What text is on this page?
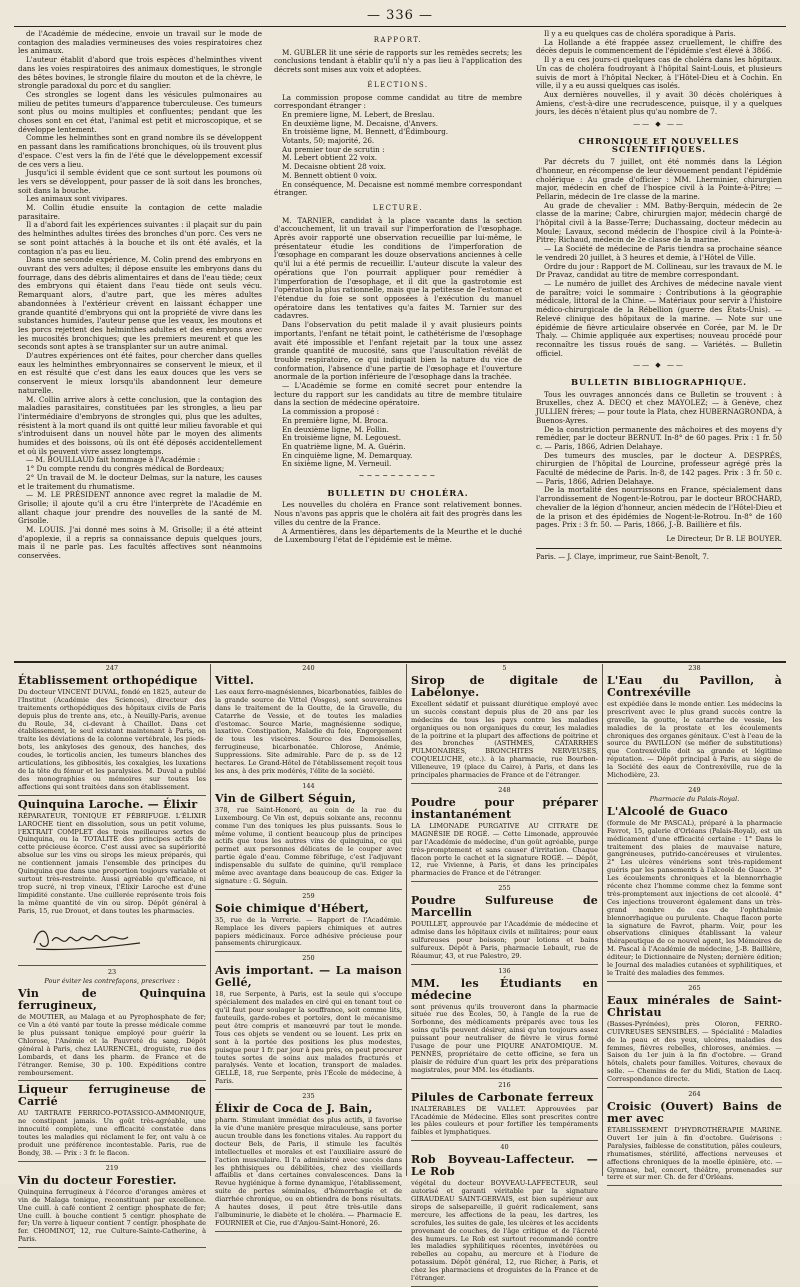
— 336 —

de l'Académie de médecine, envoie un travail sur le mode de contagion des maladies vermineuses des voies respiratoires chez les animaux.

L'auteur établit d'abord que trois espèces d'helminthes vivent dans les voies respiratoires des animaux domestiques, le strongle des bêtes bovines, le strongle filaire du mouton et de la chèvre, le strongle paradoxal du porc et du sanglier.

Ces strongles se logent dans les vésicules pulmonaires au milieu de petites tumeurs d'apparence tuberculeuse. Ces tumeurs sont plus ou moins multiples et confluentes; pendant que les choses sont en cet état, l'animal est petit et microscopique, et se développe lentement.

Comme les helminthes sont en grand nombre ils se développent en passant dans les ramifications bronchiques, où ils trouvent plus d'espace. C'est vers la fin de l'été que le développement excessif de ces vers a lieu.

Jusqu'ici il semble évident que ce sont surtout les poumons où les vers se développent, pour passer de là soit dans les bronches, soit dans la bouche.

Les animaux sont vivipares.

M. Collin étudie ensuite la contagion de cette maladie parasitaire.

Il a d'abord fait les expériences suivantes : il plaçait sur du pain des helminthes adultes tirées des bronches d'un porc. Ces vers ne se sont point attachés à la bouche et ils ont été avalés, et la contagion n'a pas eu lieu.

Dans une seconde expérience, M. Colin prend des embryons en ouvrant des vers adultes; il dépose ensuite les embryons dans du fourrage, dans des débris alimentaires et dans de l'eau tiède; ceux des embryons qui étaient dans l'eau tiède ont seuls vécu. Remarquant alors, d'autre part, que les mères adultes abandonnées à l'extérieur crèvent en laissant échapper une grande quantité d'embryons qui ont la propriété de vivre dans les substances humides, l'auteur pense que les veaux, les moutons et les porcs rejettent des helminthes adultes et des embryons avec les mucosités bronchiques; que les premiers meurent et que les seconds sont aptes à se transplanter sur un autre animal.

D'autres expériences ont été faites, pour chercher dans quelles eaux les helminthes embryonnaires se conservent le mieux, et il en est résulté que c'est dans les eaux douces que les vers se conservent le mieux lorsqu'ils abandonnent leur demeure naturelle.

M. Collin arrive alors à cette conclusion, que la contagion des maladies parasitaires, constituées par les strongles, a lieu par l'intermédiaire d'embryons de strongles qui, plus que les adultes, résistent à la mort quand ils ont quitté leur milieu favorable et qui s'introduisent dans un nouvel hôte par le moyen des aliments humides et des boissons, où ils ont été déposés accidentellement et où ils peuvent vivre assez longtemps.

— M. BOUILLAUD fait hommage à l'Académie :

1° Du compte rendu du congrès médical de Bordeaux;

2° Un travail de M. le docteur Delmas, sur la nature, les causes et le traitement du rhumatisme.

— M. LE PRÉSIDENT annonce avec regret la maladie de M. Grisolle; il ajoute qu'il a cru être l'interprète de l'Académie en allant chaque jour prendre des nouvelles de la santé de M. Grisolle.

M. LOUIS. J'ai donné mes soins à M. Grisolle; il a été atteint d'apoplexie, il a repris sa connaissance depuis quelques jours, mais il ne parle pas. Les facultés affectives sont néanmoins conservées.

RAPPORT.

M. GUBLER lit une série de rapports sur les remèdes secrets; les conclusions tendant à établir qu'il n'y a pas lieu à l'application des décrets sont mises aux voix et adoptées.

ÉLECTIONS.

La commission propose comme candidat au titre de membre correspondant étranger :

En premiere ligne, M. Lebert, de Breslau.

En deuxième ligne, M. Decaisne, d'Anvers.

En troisième ligne, M. Bennett, d'Édimbourg.

Votants, 50; majorité, 26.

Au premier tour de scrutin :

M. Lebert obtient 22 voix.

M. Decaisne obtient 28 voix.

M. Bennett obtient 0 voix.

En conséquence, M. Decaisne est nommé membre correspondant étranger.

LECTURE.

M. TARNIER, candidat à la place vacante dans la section d'accouchement, lit un travail sur l'imperforation de l'œsophage. Après avoir rapporté une observation recueillie par lui-même, le présentateur étudie les conditions de l'imperforation de l'œsophage en comparant les douze observations anciennes à celle qu'il lui a été permis de recueillir. L'auteur discute la valeur des opérations que l'on pourrait appliquer pour remédier à l'imperforation de l'œsophage, et il dit que la gastrotomie est l'opération la plus rationnelle, mais que la petitesse de l'estomac et l'étendue du foie se sont opposées à l'exécution du manuel opératoire dans les tentatives qu'a faites M. Tarnier sur des cadavres.

Dans l'observation du petit malade il y avait plusieurs points importants, l'enfant ne tétait point, le cathétérisme de l'œsophage avait été impossible et l'enfant rejetait par la toux une assez grande quantité de mucosité, sans que l'auscultation révélât de trouble respiratoire, ce qui indiquait bien la nature du vice de conformation, l'absence d'une partie de l'œsophage et l'ouverture anormale de la portion inférieure de l'œsophage dans la trachée.

— L'Académie se forme en comité secret pour entendre la lecture du rapport sur les candidats au titre de membre titulaire dans la section de médecine opératoire.

La commission a proposé :

En première ligne, M. Broca.

En deuxième ligne, M. Follin.

En troisième ligne, M. Legouest.

En quatrième ligne, M. A. Guérin.

En cinquième ligne, M. Demarquay.

En sixième ligne, M. Verneuil.

~~~~~~~~~~
BULLETIN DU CHOLÉRA.

Les nouvelles du choléra en France sont relativement bonnes. Nous n'avons pas appris que le choléra ait fait des progrès dans les villes du centre de la France.

A Armentières, dans les départements de la Meurthe et le duché de Luxembourg l'état de l'épidémie est le même.

Il y a eu quelques cas de choléra sporadique à Paris.

La Hollande a été frappée assez cruellement, le chiffre des décès depuis le commencement de l'épidémie s'est élevé à 3866.

Il y a eu ces jours-ci quelques cas de choléra dans les hôpitaux. Un cas de choléra foudroyant à l'hôpital Saint-Louis, et plusieurs suivis de mort à l'hôpital Necker, à l'Hôtel-Dieu et à Cochin. En ville, il y a eu aussi quelques cas isolés.

Aux dernières nouvelles, il y avait 30 décès cholériques à Amiens, c'est-à-dire une recrudescence, puisque, il y a quelques jours, les décès n'étaient plus qu'au nombre de 7.

—— ◆ ——
CHRONIQUE ET NOUVELLES SCIENTIFIQUES.

Par décrets du 7 juillet, ont été nommés dans la Légion d'honneur, en récompense de leur dévouement pendant l'épidémie cholérique : Au grade d'officier : MM. Lherminier, chirurgien major, médecin en chef de l'hospice civil à la Pointe-à-Pitre; — Pellarin, médecin de 1re classe de la marine.

Au grade de chevalier : MM. Batby-Berquin, médecin de 2e classe de la marine; Cabre, chirurgien major, médecin chargé de l'hôpital civil à la Basse-Terre; Duchassaing, docteur médecin au Moule; Lavaux, second médecin de l'hospice civil à la Pointe-à-Pitre; Richaud, médecin de 2e classe de la marine.

— La Société de médecine de Paris tiendra sa prochaine séance le vendredi 20 juillet, à 3 heures et demie, à l'Hôtel de Ville.

Ordre du jour : Rapport de M. Collineau, sur les travaux de M. le Dr Pravaz, candidat au titre de membre correspondant.

— Le numéro de juillet des Archives de médecine navale vient de paraître; voici le sommaire : Contributions à la géographie médicale, littoral de la Chine. — Matériaux pour servir à l'histoire médico-chirurgicale de la Rébellion (guerre des États-Unis). — Relevé clinique des hôpitaux de la marine. — Note sur une épidémie de fièvre articulaire observée en Corée, par M. le Dr Thaly. — Chimie appliquée aux expertises; nouveau procédé pour reconnaître les tissus roués de sang. — Variétés. — Bulletin officiel.

—— ◆ ——
BULLETIN BIBLIOGRAPHIQUE.

Tous les ouvrages annoncés dans ce Bulletin se trouvent : à Bruxelles, chez A. DECQ et chez MAYOLEZ; — à Genève, chez JULLIEN frères; — pour toute la Plata, chez HUBERNAGRONDA, à Buenos-Ayres.

De la constriction permanente des mâchoires et des moyens d'y remédier, par le docteur BERNUT. In-8° de 60 pages. Prix : 1 fr. 50 c. — Paris, 1866, Adrien Delahaye.

Des tumeurs des muscles, par le docteur A. DESPRÉS, chirurgien de l'hôpital de Lourcine, professeur agrégé près la Faculté de médecine de Paris. In-8, de 142 pages. Prix : 3 fr. 50 c. — Paris, 1866, Adrien Delahaye.

De la mortalité des nourrissons en France, spécialement dans l'arrondissement de Nogent-le-Rotrou, par le docteur BROCHARD, chevalier de la légion d'honneur, ancien médecin de l'Hôtel-Dieu et de la prison et des épidémies de Nogent-le-Rotrou. In-8° de 160 pages. Prix : 3 fr. 50. — Paris, 1866, J.-B. Baillière et fils.

Le Directeur, Dr B. LE BOUYER.
Paris. — J. Claye, imprimeur, rue Saint-Benoît, 7.
247
Établissement orthopédique

Du docteur VINCENT DUVAL, fondé en 1825, auteur de l'Institut (Académie des Sciences), directeur des traitements orthopédiques des hôpitaux civils de Paris depuis plus de trente ans, etc., à Neuilly-Paris, avenue du Roule, 34, ci-devant à Chaillot. Dans cet établissement, le seul existant maintenant à Paris, on traite les déviations de la colonne vertébrale, les pieds-bots, les ankyloses des genoux, des hanches, des coudes, le torticolis ancien, les tumeurs blanches des articulations, les gibbosités, les coxalgies, les luxations de la tête du fémur et les paralysies. M. Duval a publié des monographies ou mémoires sur toutes les affections qui sont traitées dans son établissement.

Quinquina Laroche. — Élixir

RÉPARATEUR, TONIQUE ET FÉBRIFUGE. L'ÉLIXIR LAROCHE tient en dissolution, sous un petit volume, l'EXTRAIT COMPLET des trois meilleures sortes de Quinquina, ou la TOTALITÉ des principes actifs de cette précieuse écorce. C'est aussi avec sa supériorité absolue sur les vins ou sirops les mieux préparés, qui ne contiennent jamais l'ensemble des principes du Quinquina que dans une proportion toujours variable et surtout très-restreinte. Aussi agréable qu'efficace, ni trop sucré, ni trop vineux, l'Élixir Laroche est d'une limpidité constante. Une cuillerée représente trois fois la même quantité de vin ou sirop. Dépôt général à Paris, 15, rue Drouot, et dans toutes les pharmacies.

23
Pour éviter les contrefaçons, prescrivez :
Vin de Quinquina ferrugineux,

de MOUTIER, au Malaga et au Pyrophosphate de fer; ce Vin a été vanté par toute la presse médicale comme le plus puissant tonique employé pour guérir la Chlorose, l'Anémie et la Pauvreté du sang. Dépôt général à Paris, chez LAURENCEL, droguiste, rue des Lombards, et dans les pharm. de France et de l'étranger. Remise, 30 p. 100. Expéditions contre remboursement.

Liqueur ferrugineuse de Carrié

AU TARTRATE FERRICO-POTASSICO-AMMONIQUE, ne constipant jamais. Un goût très-agréable, une innocuité complète, une efficacité constatée dans toutes les maladies qui réclament le fer, ont valu à ce produit une préférence incontestable. Paris, rue de Bondy, 38. — Prix : 3 fr. le flacon.

219
Vin du docteur Forestier.

Quinquina ferrugineux à l'écorce d'oranges amères et vin de Malaga tonique, reconstituant par excellence. Une cuill. à café contient 2 centigr. phosphate de fer; Une cuill. à bouche contient 5 centigr. phosphate de fer; Un verre à liqueur contient 7 centigr. phosphate de fer. CHOMINOT, 12, rue Culture-Sainte-Catherine, à Paris.

240
Vittel.

Les eaux ferro-magnésiennes, bicarbonatées, faibles de la grande source de Vittel (Vosges), sont souveraines dans le traitement de la Goutte, de la Gravelle, du Catarrhe de Vessie, et de toutes les maladies d'estomac. Source Marie, magnésienne sodique, laxative. Constipation, Maladie du foie, Engorgement de tous les viscères. Source des Demoiselles, ferrugineuse, bicarbonatée. Chlorose, Anémie, Suppressions. Site admirable. Parc de p. ss de 12 hectares. Le Grand-Hôtel de l'établissement reçoit tous les ans, à des prix modérés, l'élite de la société.

144
Vin de Gilbert Séguin,

378, rue Saint-Honoré, au coin de la rue du Luxembourg. Ce Vin est, depuis soixante ans, reconnu comme l'un des toniques les plus puissants. Sous le même volume, il contient beaucoup plus de principes actifs que tous les autres vins de quinquina, ce qui permet aux personnes délicates de le couper avec partie égale d'eau. Comme fébrifuge, c'est l'adjuvant indispensable du sulfate de quinine, qu'il remplace même avec avantage dans beaucoup de cas. Exiger la signature : G. Séguin.

259
Soie chimique d'Hébert,

35, rue de la Verrerie. — Rapport de l'Académie. Remplace les divers papiers chimiques et autres papiers médicinaux. Force adhésive précieuse pour pansements chirurgicaux.

250
Avis important. — La maison Gellé,

18, rue Serpente, à Paris, est la seule qui s'occupe spécialement des malades en ciré qui en tenant tout ce qu'il faut pour soulager la souffrance, soit comme lits, fauteuils, garde-robes et portoirs, dont le mécanisme peut être compris et manœuvré par tout le monde. Tous ces objets se vendent ou se louent. Les prix en sont à la portée des positions les plus modestes, puisque pour 1 fr. par jour à peu près, on peut procurer toutes sortes de soins aux malades fracturés et paralysés. Vente et location, transport de malades. GELLÉ, 18, rue Serpente, près l'École de médecine, à Paris.

235
Élixir de Coca de J. Bain,

pharm. Stimulant immédiat des plus actifs, il favorise la vie d'une manière presque miraculeuse, sans porter aucun trouble dans les fonctions vitales. Au rapport du docteur Bels, de Paris, il stimule les facultés intellectuelles et morales et est l'auxiliaire assuré de l'action musculaire. Il l'a administré avec succès dans les phthisiques ou débilitées, chez des vieillards affaiblis et dans certaines convalescences. Dans la Revue hygiénique à forme dynamique, l'établissement, suite de pertes séminales, d'hémorrhagie et de diarrhée chronique, ou en obtiendra de bons résultats. A hautes doses, il peut être très-utile dans l'albuminurie, le diabète et le choléra. — Pharmacie E. FOURNIER et Cie, rue d'Anjou-Saint-Honoré, 26.

5
Sirop de digitale de Labélonye.

Excellent sédatif et puissant diurétique employé avec un succès constant depuis plus de 20 ans par les médecins de tous les pays contre les maladies organiques ou non organiques du cœur, les maladies de la poitrine et la plupart des affections de poitrine et des bronches (ASTHMES, CATARRHES PULMONAIRES, BRONCHITES NERVEUSES, COQUELUCHE, etc.). à la pharmacie, rue Bourbon-Villeneuve, 19 (place du Caire), à Paris, et dans les principales pharmacies de France et de l'étranger.

248
Poudre pour préparer instantanément

LA LIMONADE PURGATIVE AU CITRATE DE MAGNÉSIE DE ROGÉ. — Cette Limonade, approuvée par l'Académie de médecine, d'un goût agréable, purge très-promptement et sans causer d'irritation. Chaque flacon porte le cachet et la signature ROGÉ. — Dépôt, 12, rue Vivienne, à Paris, et dans les principales pharmacies de France et de l'étranger.

255
Poudre Sulfureuse de Marcellin

POUILLET, approuvée par l'Académie de médecine et admise dans les hôpitaux civils et militaires; pour eaux sulfureuses pour boisson; pour lotions et bains sulfureux. Dépôt à Paris, pharmacie Lebault, rue de Réaumur, 43, et rue Palestro, 29.

136
MM. les Étudiants en médecine

sont prévenus qu'ils trouveront dans la pharmacie située rue des Écoles, 50, à l'angle de la rue de Sorbonne, des médicaments préparés avec tous les soins qu'ils peuvent désirer, ainsi qu'un toujours assez puissant pour neutraliser de fièvre le virus formé l'usage de pour une PIQURE ANATOMIQUE. M. PENNÈS, propriétaire de cette officine, se fera un plaisir de réduire d'un quart les prix des préparations magistrales, pour MM. les étudiants.

216
Pilules de Carbonate ferreux

INALTÉRABLES DE VALLET. Approuvées par l'Académie de Médecine. Elles sont prescrites contre les pâles couleurs et pour fortifier les tempéraments faibles et lymphatiques.

40
Rob Boyveau-Laffecteur. — Le Rob

végétal du docteur BOYVEAU-LAFFECTEUR, seul autorisé et garanti véritable par la signature GIRAUDEAU SAINT-GERVAIS, est bien supérieur aux sirops de salsepareille, il guérit radicalement, sans mercure, les affections de la peau, les dartres, les scrofules, les suites de gale, les ulcères et les accidents provenant de couches, de l'âge critique et de l'âcreté des humeurs. Le Rob est surtout recommandé contre les maladies syphilitiques récentes, invétérées ou rebelles au copahu, au mercure et à l'iodure de potassium. Dépôt général, 12, rue Richer, à Paris, et chez les pharmaciens et droguistes de la France et de l'étranger.

238
L'Eau du Pavillon, à Contrexéville

est expédiée dans le monde entier. Les médecins la prescrivent avec le plus grand succès contre la gravelle, la goutte, le catarrhe de vessie, les maladies de la prostate et les écoulements chroniques des organes génitaux. C'est à l'eau de la source du PAVILLON (se méfier de substitutions) que Contrexéville doit sa grande et légitime réputation. — Dépôt principal à Paris, au siège de la Société des eaux de Contrexéville, rue de la Michodière, 23.

249
Pharmacie du Palais-Royal.
L'Alcoolé de Guaco

(formule de Mr PASCAL), préparé à la pharmacie Favrot, 15, galerie d'Orléans (Palais-Royal), est un médicament d'une efficacité certaine : 1° Dans le traitement des plaies de mauvaise nature, gangréneuses, putrido-cancéreuses et virulentes. 2° Les ulcères vénériens sont très-rapidement guéris par les pansements à l'alcoolé de Guaco. 3° Les écoulements chroniques et la blennorrhagie récente chez l'homme comme chez la femme sont très-promptement aux injections de cet alcoolé. 4° Ces injections trouveront également dans un très-grand nombre de cas de l'ophthalmie blennorrhagique ou purulente. Chaque flacon porte la signature de Favrot, pharm. Voir, pour les observations cliniques établissant la valeur thérapeutique de ce nouvel agent, les Mémoires de M. Pascal à l'Académie de médecine, J.-B. Baillière, éditeur; le Dictionnaire de Nysten; dernière édition; le Journal des maladies cutanées et syphilitiques, et le Traité des maladies des femmes.

265
Eaux minérales de Saint-Christau

(Basses-Pyrénées), près Oloron, FERRO-CUIVREUSES SENSIBLES. — Spécialité : Maladies de la peau et des yeux, ulcères, maladies des femmes, fièvres rebelles, chloroses, anémies. — Saison du 1er juin à la fin d'octobre. — Grand hôtels, chalets pour familles. Voitures, chevaux de selle. — Chemins de fer du Midi, Station de Lacq. Correspondance directe.

264
Croisic (Ouvert) Bains de mer avec

ÉTABLISSEMENT D'HYDROTHÉRAPIE MARINE. Ouvert 1er juin à fin d'octobre. Guérisons : Paralysies, faiblesse de constitution, pâles couleurs, rhumatismes, stérilité, affections nerveuses et affections chroniques de la moelle épinière, etc. — Gymnase, bal, concert, théâtre, promenades sur terre et sur mer. Ch. de fer d'Orléans.
